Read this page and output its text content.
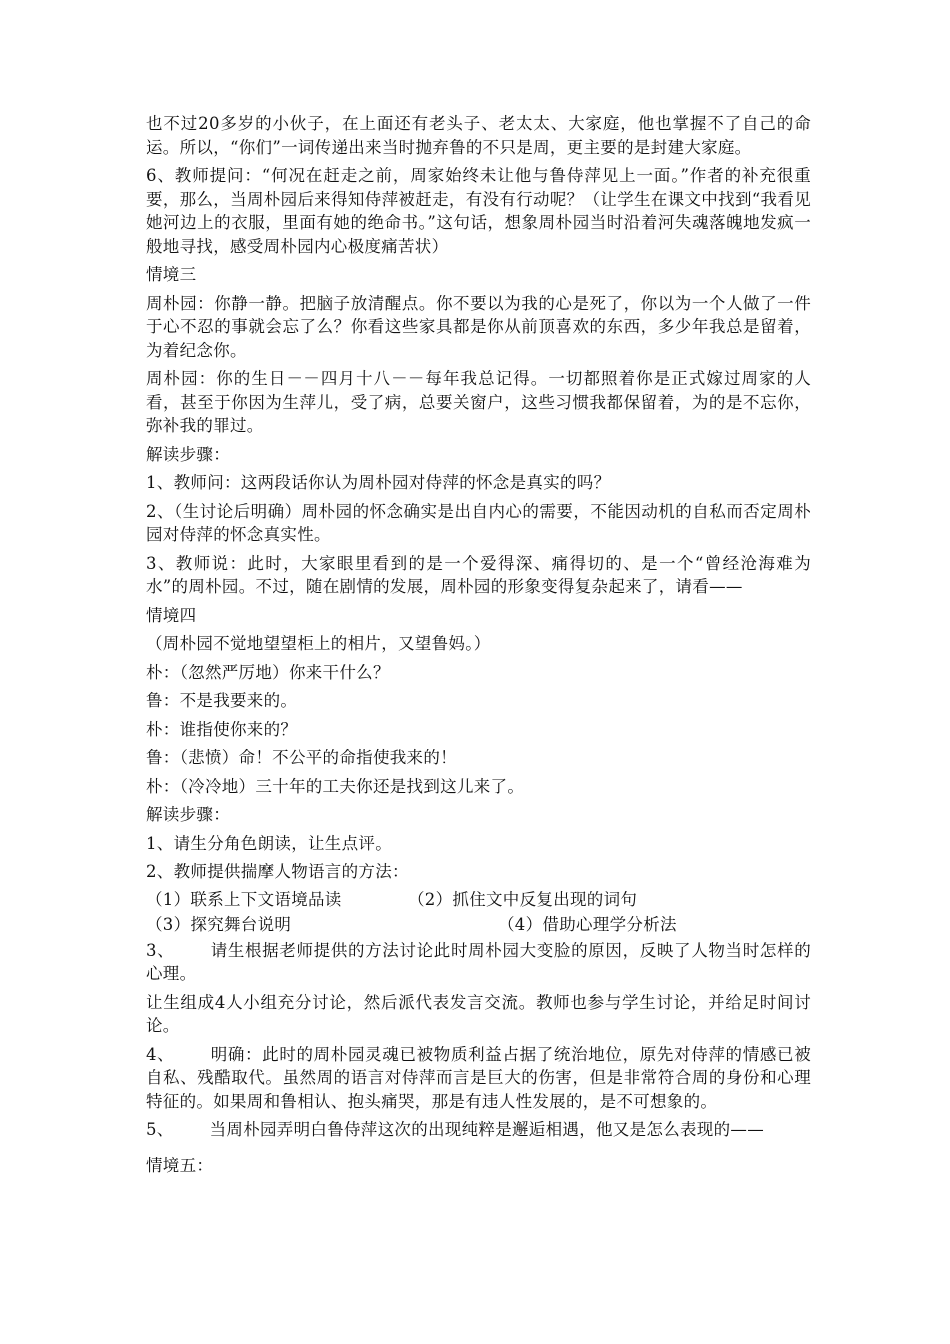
也不过20多岁的小伙子，在上面还有老头子、老太太、大家庭，他也掌握不了自己的命运。所以，“你们”一词传递出来当时抛弃鲁的不只是周，更主要的是封建大家庭。

6、教师提问：“何况在赶走之前，周家始终未让他与鲁侍萍见上一面。”作者的补充很重要，那么，当周朴园后来得知侍萍被赶走，有没有行动呢？（让学生在课文中找到“我看见她河边上的衣服，里面有她的绝命书。”这句话，想象周朴园当时沿着河失魂落魄地发疯一般地寻找，感受周朴园内心极度痛苦状）

情境三

周朴园：你静一静。把脑子放清醒点。你不要以为我的心是死了，你以为一个人做了一件于心不忍的事就会忘了么？你看这些家具都是你从前顶喜欢的东西，多少年我总是留着，为着纪念你。

周朴园：你的生日－－四月十八－－每年我总记得。一切都照着你是正式嫁过周家的人看，甚至于你因为生萍儿，受了病，总要关窗户，这些习惯我都保留着，为的是不忘你，弥补我的罪过。

解读步骤：

1、教师问：这两段话你认为周朴园对侍萍的怀念是真实的吗？

2、（生讨论后明确）周朴园的怀念确实是出自内心的需要，不能因动机的自私而否定周朴园对侍萍的怀念真实性。

3、教师说：此时，大家眼里看到的是一个爱得深、痛得切的、是一个“曾经沧海难为水”的周朴园。不过，随在剧情的发展，周朴园的形象变得复杂起来了，请看——

情境四

（周朴园不觉地望望柜上的相片，又望鲁妈。）

朴：（忽然严厉地）你来干什么？

鲁：不是我要来的。

朴：谁指使你来的？

鲁：（悲愤）命！不公平的命指使我来的！

朴：（冷冷地）三十年的工夫你还是找到这儿来了。

解读步骤：

1、请生分角色朗读，让生点评。

2、教师提供揣摩人物语言的方法：

（1）联系上下文语境品读	（2）抓住文中反复出现的词句
（3）探究舞台说明	（4）借助心理学分析法

3、 请生根据老师提供的方法讨论此时周朴园大变脸的原因，反映了人物当时怎样的心理。

让生组成4人小组充分讨论，然后派代表发言交流。教师也参与学生讨论，并给足时间讨论。

4、 明确：此时的周朴园灵魂已被物质利益占据了统治地位，原先对侍萍的情感已被自私、残酷取代。虽然周的语言对侍萍而言是巨大的伤害，但是非常符合周的身份和心理特征的。如果周和鲁相认、抱头痛哭，那是有违人性发展的，是不可想象的。

5、 当周朴园弄明白鲁侍萍这次的出现纯粹是邂逅相遇，他又是怎么表现的——

情境五：
